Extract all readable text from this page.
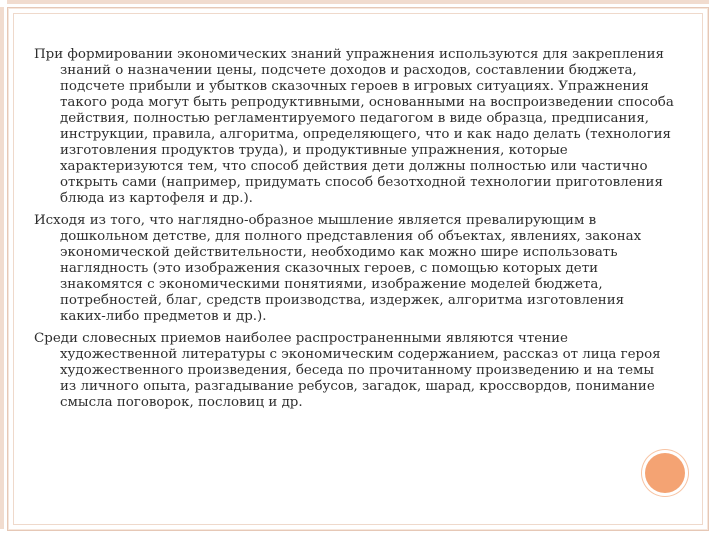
При формировании экономических знаний упражнения используются для закрепления знаний о назначении цены, подсчете доходов и расходов, составлении бюджета, подсчете прибыли и убытков сказочных героев в игровых ситуациях. Упражнения такого рода могут быть репродуктивными, основанными на воспроизведении способа действия, полностью регламентируемого педагогом в виде образца, предписания, инструкции, правила, алгоритма, определяющего, что и как надо делать (технология изготовления продуктов труда), и продуктивные упражнения, которые характеризуются тем, что способ действия дети должны полностью или частично открыть сами (например, придумать способ безотходной технологии приготовления блюда из картофеля и др.).

Исходя из того, что наглядно-образное мышление является превалирующим в дошкольном детстве, для полного представления об объектах, явлениях, законах экономической действительности, необходимо как можно шире использовать наглядность (это изображения сказочных героев, с помощью которых дети знакомятся с экономическими понятиями, изображение моделей бюджета, потребностей, благ, средств производства, издержек, алгоритма изготовления каких-либо предметов и др.).

Среди словесных приемов наиболее распространенными являются чтение художественной литературы с экономическим содержанием, рассказ от лица героя художественного произведения, беседа по прочитанному произведению и на темы из личного опыта, разгадывание ребусов, загадок, шарад, кроссвордов, понимание смысла поговорок, пословиц и др.
